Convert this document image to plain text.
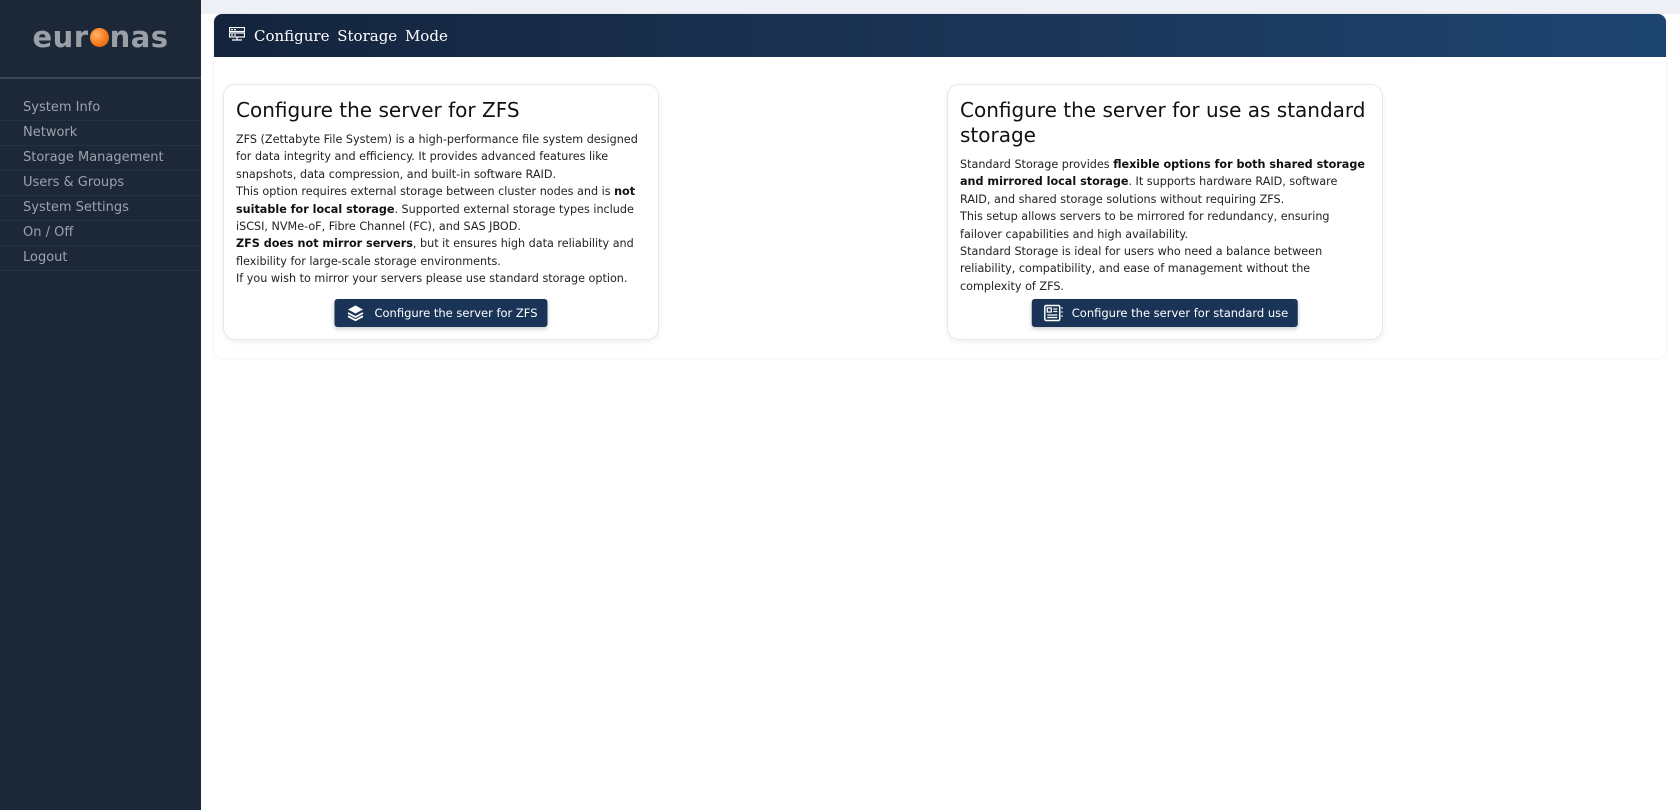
eur nas
System Info
Network
Storage Management
Users & Groups
System Settings
On / Off
Logout
Configure Storage Mode
Configure the server for ZFS

ZFS (Zettabyte File System) is a high-performance file system designed for data integrity and efficiency. It provides advanced features like snapshots, data compression, and built-in software RAID.
This option requires external storage between cluster nodes and is not suitable for local storage. Supported external storage types include iSCSI, NVMe-oF, Fibre Channel (FC), and SAS JBOD.
ZFS does not mirror servers, but it ensures high data reliability and flexibility for large-scale storage environments.
If you wish to mirror your servers please use standard storage option.

Configure the server for ZFS
Configure the server for use as standard storage

Standard Storage provides flexible options for both shared storage and mirrored local storage. It supports hardware RAID, software RAID, and shared storage solutions without requiring ZFS.
This setup allows servers to be mirrored for redundancy, ensuring failover capabilities and high availability.
Standard Storage is ideal for users who need a balance between reliability, compatibility, and ease of management without the complexity of ZFS.

Configure the server for standard use
